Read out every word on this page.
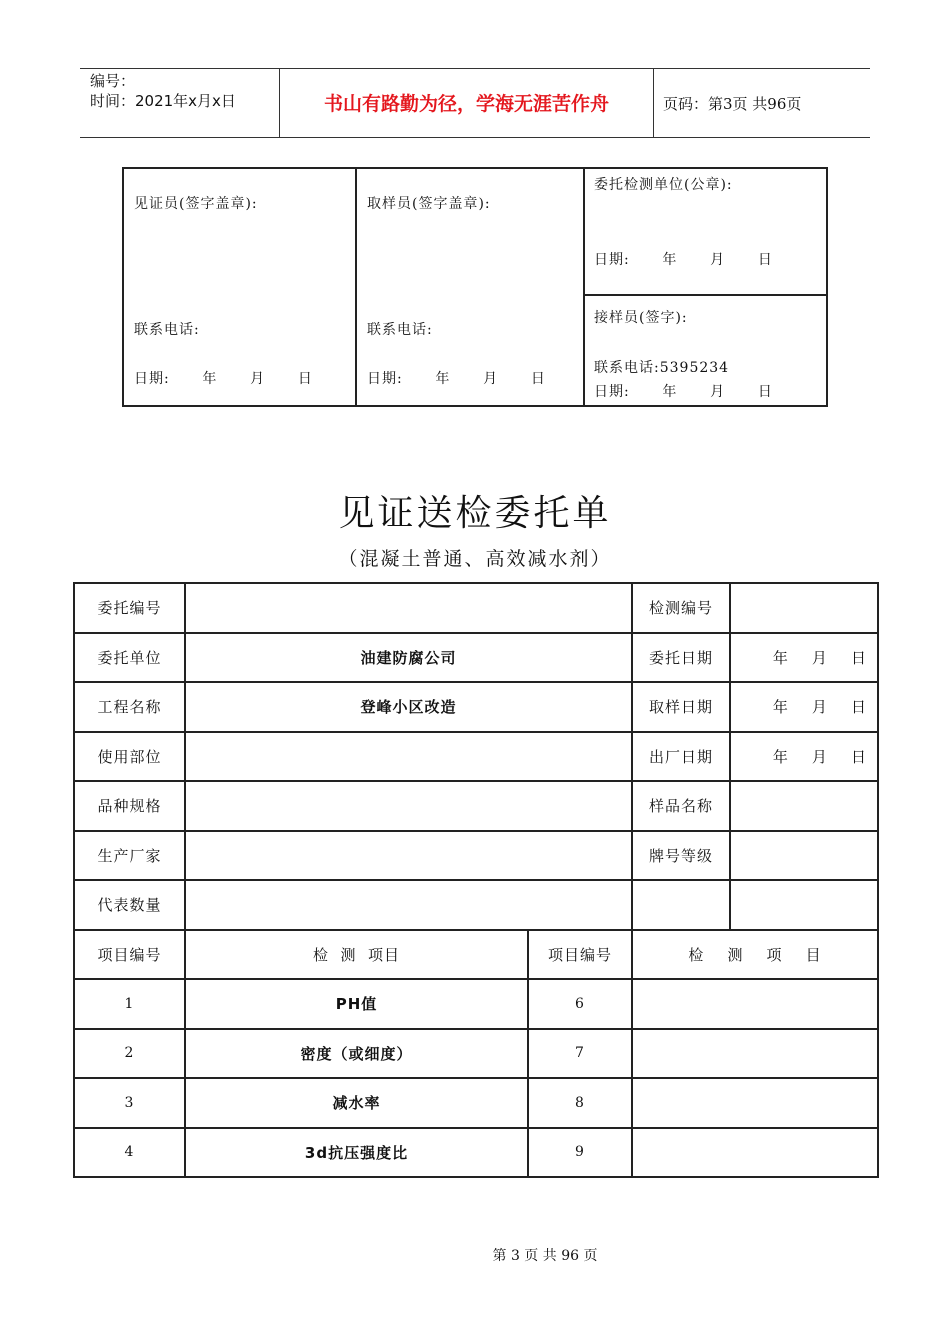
编号：
时间：2021年x月x日	书山有路勤为径，学海无涯苦作舟	页码：第3页 共96页
见证员(签字盖章):
联系电话:
日期:      年      月      日
取样员(签字盖章):
联系电话:
日期:      年      月      日
委托检测单位(公章):
日期:      年      月      日
接样员(签字):
联系电话:5395234
日期:      年      月      日
见证送检委托单
（混凝土普通、高效减水剂）
委托编号			检测编号	
委托单位	油建防腐公司		委托日期	年    月    日
工程名称	登峰小区改造		取样日期	年    月    日
使用部位			出厂日期	年    月    日
品种规格			样品名称	
生产厂家			牌号等级	
代表数量				
项目编号	检  测  项目	项目编号	检    测    项    目	
1	PH值	6		
2	密度（或细度）	7		
3	减水率	8		
4	3d抗压强度比	9		
第 3 页 共 96 页
